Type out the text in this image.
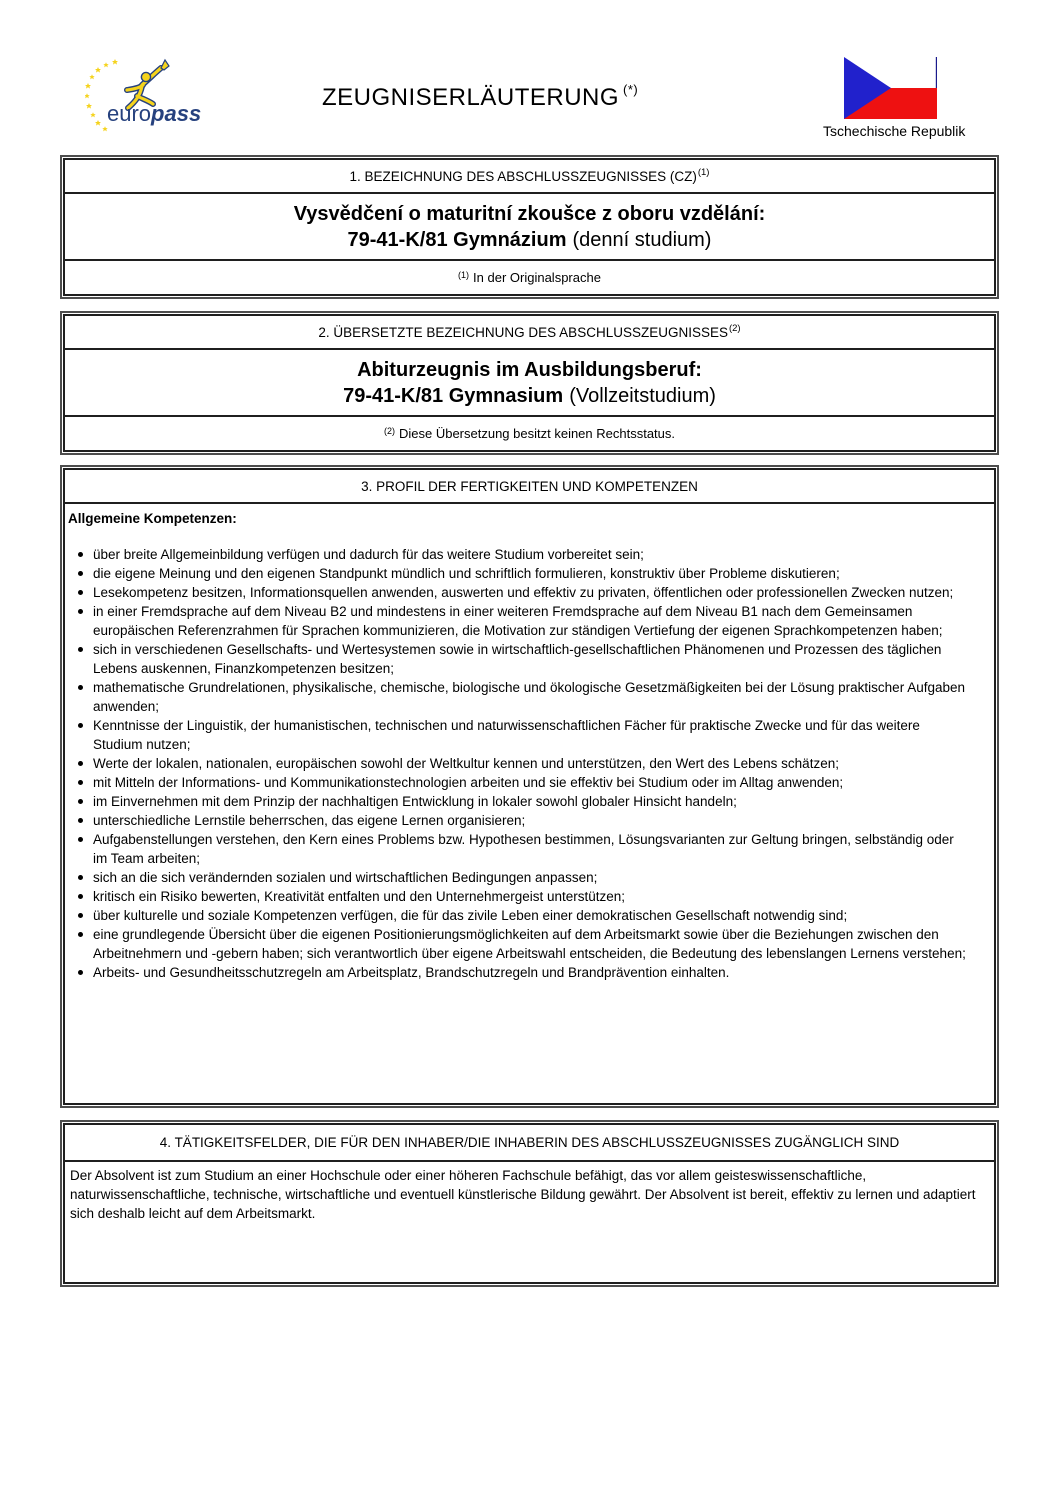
europass
ZEUGNISERLÄUTERUNG (*)
Tschechische Republik
1. BEZEICHNUNG DES ABSCHLUSSZEUGNISSES (CZ)$^{(1)}$
Vysvědčení o maturitní zkoušce z oboru vzdělání:
79-41-K/81 Gymnázium (denní studium)
$^{(1)}$ In der Originalsprache
2. ÜBERSETZTE BEZEICHNUNG DES ABSCHLUSSZEUGNISSES$^{(2)}$
Abiturzeugnis im Ausbildungsberuf:
79-41-K/81 Gymnasium (Vollzeitstudium)
$^{(2)}$ Diese Übersetzung besitzt keinen Rechtsstatus.
3. PROFIL DER FERTIGKEITEN UND KOMPETENZEN
Allgemeine Kompetenzen:
über breite Allgemeinbildung verfügen und dadurch für das weitere Studium vorbereitet sein;
die eigene Meinung und den eigenen Standpunkt mündlich und schriftlich formulieren, konstruktiv über Probleme diskutieren;
Lesekompetenz besitzen, Informationsquellen anwenden, auswerten und effektiv zu privaten, öffentlichen oder professionellen Zwecken nutzen;
in einer Fremdsprache auf dem Niveau B2 und mindestens in einer weiteren Fremdsprache auf dem Niveau B1 nach dem Gemeinsamen europäischen Referenzrahmen für Sprachen kommunizieren, die Motivation zur ständigen Vertiefung der eigenen Sprachkompetenzen haben;
sich in verschiedenen Gesellschafts- und Wertesystemen sowie in wirtschaftlich-gesellschaftlichen Phänomenen und Prozessen des täglichen Lebens auskennen, Finanzkompetenzen besitzen;
mathematische Grundrelationen, physikalische, chemische, biologische und ökologische Gesetzmäßigkeiten bei der Lösung praktischer Aufgaben anwenden;
Kenntnisse der Linguistik, der humanistischen, technischen und naturwissenschaftlichen Fächer für praktische Zwecke und für das weitere Studium nutzen;
Werte der lokalen, nationalen, europäischen sowohl der Weltkultur kennen und unterstützen, den Wert des Lebens schätzen;
mit Mitteln der Informations- und Kommunikationstechnologien arbeiten und sie effektiv bei Studium oder im Alltag anwenden;
im Einvernehmen mit dem Prinzip der nachhaltigen Entwicklung in lokaler sowohl globaler Hinsicht handeln;
unterschiedliche Lernstile beherrschen, das eigene Lernen organisieren;
Aufgabenstellungen verstehen, den Kern eines Problems bzw. Hypothesen bestimmen, Lösungsvarianten zur Geltung bringen, selbständig oder im Team arbeiten;
sich an die sich verändernden sozialen und wirtschaftlichen Bedingungen anpassen;
kritisch ein Risiko bewerten, Kreativität entfalten und den Unternehmergeist unterstützen;
über kulturelle und soziale Kompetenzen verfügen, die für das zivile Leben einer demokratischen Gesellschaft notwendig sind;
eine grundlegende Übersicht über die eigenen Positionierungsmöglichkeiten auf dem Arbeitsmarkt sowie über die Beziehungen zwischen den Arbeitnehmern und -gebern haben; sich verantwortlich über eigene Arbeitswahl entscheiden, die Bedeutung des lebenslangen Lernens verstehen;
Arbeits- und Gesundheitsschutzregeln am Arbeitsplatz, Brandschutzregeln und Brandprävention einhalten.
4. TÄTIGKEITSFELDER, DIE FÜR DEN INHABER/DIE INHABERIN DES ABSCHLUSSZEUGNISSES ZUGÄNGLICH SIND

Der Absolvent ist zum Studium an einer Hochschule oder einer höheren Fachschule befähigt, das vor allem geisteswissenschaftliche, naturwissenschaftliche, technische, wirtschaftliche und eventuell künstlerische Bildung gewährt. Der Absolvent ist bereit, effektiv zu lernen und adaptiert sich deshalb leicht auf dem Arbeitsmarkt.
